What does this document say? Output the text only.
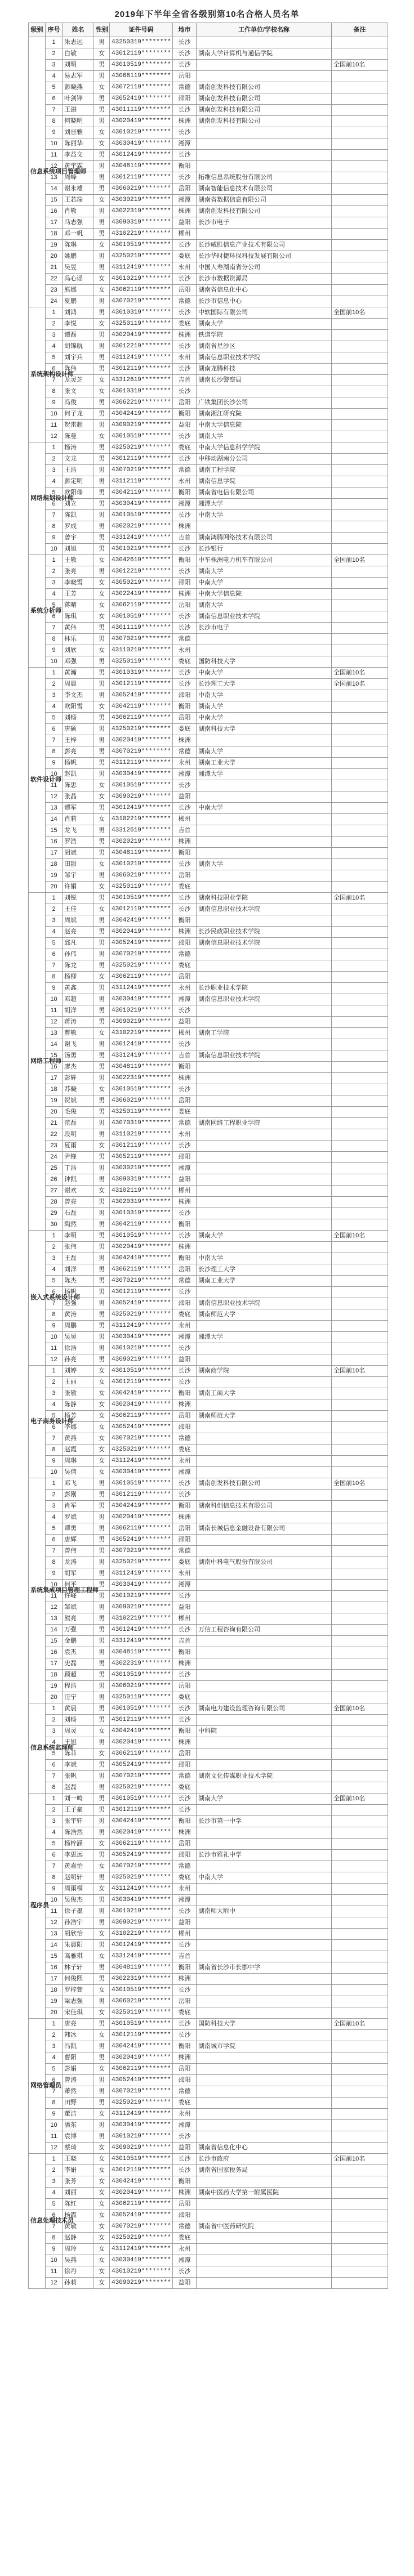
2019年下半年全省各级别第10名合格人员名单
级别	序号	姓名	性别	证件号码	地市	工作单位/学校名称	备注
信息系统项目管理师	1	朱志远	男	43250319********	长沙		
	2	白敏	女	43012119********	长沙	湖南大学计算机与通信学院	
	3	刘明	男	43010519********	长沙		全国前10名
	4	易志军	男	43068119********	岳阳		
	5	彭晓燕	女	43072119********	常德	湖南创发科技有限公司	
	6	叶剑锋	男	43052419********	邵阳	湖南创发科技有限公司	
	7	王湛	男	43011119********	长沙	湖南创发科技有限公司	
	8	何晓明	男	43020419********	株洲	湖南创发科技有限公司	
	9	刘晋雅	女	43010219********	长沙		
	10	陈丽华	女	43030419********	湘潭		
	11	李益文	男	43012419********	长沙		
	12	黄宇霖	男	43048119********	衡阳		
	13	周峰	男	43012119********	长沙	拓维信息系统股份有限公司	
	14	谢永雄	男	43060219********	岳阳	湖南智能信息技术有限公司	
	15	王芯瑞	女	43030219********	湘潭	湖南省数据信息有限公司	
	16	肖敏	男	43022319********	株洲	湖南创发科技有限公司	
	17	马志强	男	43090319********	益阳	长沙市电子	
	18	邓一帆	男	43102219********	郴州		
	19	陈琳	女	43010519********	长沙	长沙威胜信息产业技术有限公司	
	20	姚鹏	男	43250219********	娄底	长沙华时捷环保科技发展有限公司	
	21	吴昱	男	43112419********	永州	中国人寿湖南省分公司	
	22	冯心谣	女	43010219********	长沙	长沙市数据资源局	
	23	熊娜	女	43062119********	岳阳	湖南省信息化中心	
	24	夏鹏	男	43070219********	常德	长沙市信息中心	
系统架构设计师	1	刘鸿	男	43010319********	长沙	中软国际有限公司	全国前10名
	2	李悦	女	43250119********	娄底	湖南大学	
	3	谭磊	男	43020419********	株洲	铁道学院	
	4	胡锦航	男	43012219********	长沙	湖南省星沙区	
	5	刘宇兵	男	43112419********	永州	湖南信息职业技术学院	
	6	陈伟	男	43012119********	长沙	湖南龙腾科技	
	7	龙灵芝	女	43312619********	吉首	湖南长沙警察局	
	8	张文	女	43010319********	长沙		
	9	冯俊	男	43062219********	岳阳	广铁集团长沙公司	
	10	何子龙	男	43042419********	衡阳	湖南湘江研究院	
	11	贺雷超	男	43090219********	益阳	中南大学信息院	
	12	陈曼	女	43010519********	长沙	湖南大学	
网络规划设计师	1	杨涛	男	43250219********	娄底	中南大学信息科学学院	
	2	文龙	男	43012119********	长沙	中移动湖南分公司	
	3	王浩	男	43070219********	常德	湖南工程学院	
	4	彭定明	男	43112119********	永州	湖南信息学院	
	5	欧阳瑞	男	43042119********	衡阳	湖南省电信有限公司	
	6	刘立	男	43030419********	湘潭	湘潭大学	
	7	陈凯	男	43010519********	长沙	中南大学	
	8	罗成	男	43020219********	株洲		
	9	曾宇	男	43312419********	吉首	湖南鸿腾网络技术有限公司	
	10	刘旭	男	43010219********	长沙	长沙银行	
系统分析师	1	王敏	女	43042619********	衡阳	中车株洲电力机车有限公司	全国前10名
	2	张亮	男	43012219********	长沙	湖南大学	
	3	李晓雪	女	43050219********	邵阳	中南大学	
	4	王芳	女	43022419********	株洲	中南大学信息院	
	5	蒋晴	女	43062119********	岳阳	湖南大学	
	6	陈琪	女	43010519********	长沙	湖南信息职业技术学院	
	7	黄伟	男	43011119********	长沙	长沙市电子	
	8	林乐	男	43070219********	常德		
	9	刘欣	女	43110219********	永州		
	10	邓强	男	43250119********	娄底	国防科技大学	
软件设计师	1	黄瀚	男	43010319********	长沙	中南大学	全国前10名
	2	周晨	男	43012119********	长沙	长沙理工大学	全国前10名
	3	李文杰	男	43052419********	邵阳	中南大学	
	4	欧阳雪	女	43042119********	衡阳	湖南大学	
	5	刘畅	男	43062119********	岳阳	中南大学	
	6	唐硕	男	43250219********	娄底	湖南科技大学	
	7	王梓	男	43020419********	株洲		
	8	彭亮	男	43070219********	常德	湖南大学	
	9	杨帆	男	43112119********	永州	湖南工业大学	
	10	赵凯	男	43030419********	湘潭	湘潭大学	
	11	陈思	女	43010519********	长沙		
	12	张晶	女	43090219********	益阳		
	13	谭军	男	43012419********	长沙	中南大学	
	14	肖莉	女	43102219********	郴州		
	15	龙飞	男	43312619********	吉首		
	16	罗浩	男	43020219********	株洲		
	17	胡斌	男	43048119********	衡阳		
	18	田甜	女	43010219********	长沙	湖南大学	
	19	邹宇	男	43060219********	岳阳		
	20	许娟	女	43250119********	娄底		
网络工程师	1	刘锐	男	43010519********	长沙	湖南科技职业学院	全国前10名
	2	王佳	女	43012119********	长沙	湖南信息职业技术学院	
	3	周斌	男	43042419********	衡阳		
	4	赵亮	男	43020419********	株洲	长沙民政职业技术学院	
	5	邱凡	男	43052419********	邵阳	湖南信息职业技术学院	
	6	孙伟	男	43070219********	常德		
	7	陈龙	男	43250219********	娄底		
	8	杨柳	女	43062119********	岳阳		
	9	黄鑫	男	43112419********	永州	长沙职业技术学院	
	10	邓超	男	43030419********	湘潭	湖南信息职业技术学院	
	11	胡洋	男	43010219********	长沙		
	12	蒋涛	男	43090219********	益阳		
	13	曹敏	女	43102219********	郴州	湖南工学院	
	14	谢飞	男	43012419********	长沙		
	15	汤勇	男	43312419********	吉首	湖南信息职业技术学院	
	16	廖杰	男	43048119********	衡阳		
	17	彭辉	男	43022319********	株洲		
	18	苏晓	女	43010519********	长沙		
	19	贺斌	男	43060219********	岳阳		
	20	毛俊	男	43250119********	娄底		
	21	范磊	男	43070319********	常德	湖南网络工程职业学院	
	22	段明	男	43110219********	永州		
	23	夏雨	女	43012119********	长沙		
	24	尹锋	男	43052119********	邵阳		
	25	丁浩	男	43030219********	湘潭		
	26	钟凯	男	43090319********	益阳		
	27	谢欢	女	43102119********	郴州		
	28	曾亮	男	43020319********	株洲		
	29	石磊	男	43010319********	长沙		
	30	陶然	男	43042119********	衡阳		
嵌入式系统设计师	1	李明	男	43010519********	长沙	湖南大学	全国前10名
	2	张伟	男	43020419********	株洲		
	3	王磊	男	43042419********	衡阳	中南大学	
	4	刘洋	男	43062119********	岳阳	长沙理工大学	
	5	陈杰	男	43070219********	常德	湖南工业大学	
	6	杨帆	男	43012119********	长沙		
	7	赵强	男	43052419********	邵阳	湖南信息职业技术学院	
	8	黄涛	男	43250219********	娄底	湖南师范大学	
	9	周鹏	男	43112419********	永州		
	10	吴昊	男	43030419********	湘潭	湘潭大学	
	11	徐浩	男	43010219********	长沙		
	12	孙亮	男	43090219********	益阳		
电子商务设计师	1	刘婷	女	43010519********	长沙	湖南商学院	全国前10名
	2	王丽	女	43012119********	长沙		
	3	张敏	女	43042419********	衡阳	湖南工商大学	
	4	陈静	女	43020419********	株洲		
	5	杨芳	女	43062119********	岳阳	湖南师范大学	
	6	李娜	女	43052419********	邵阳		
	7	黄燕	女	43070219********	常德		
	8	赵霞	女	43250219********	娄底		
	9	周琳	女	43112419********	永州		
	10	吴倩	女	43030419********	湘潭		
系统集成项目管理工程师	1	邓飞	男	43010519********	长沙	湖南创发科技有限公司	全国前10名
	2	彭刚	男	43012119********	长沙		
	3	肖军	男	43042419********	衡阳	湖南科创信息技术有限公司	
	4	罗斌	男	43020419********	株洲		
	5	谭勇	男	43062119********	岳阳	湖南长城信息金融设备有限公司	
	6	唐辉	男	43052419********	邵阳		
	7	曾伟	男	43070219********	常德		
	8	龙涛	男	43250219********	娄底	湖南中科电气股份有限公司	
	9	胡军	男	43112419********	永州		
	10	何平	男	43030419********	湘潭		
	11	许峰	男	43010219********	长沙		
	12	邹斌	男	43090219********	益阳		
	13	熊亮	男	43102219********	郴州		
	14	万强	男	43012419********	长沙	万信工程咨询有限公司	
	15	金鹏	男	43312419********	吉首		
	16	袁杰	男	43048119********	衡阳		
	17	史磊	男	43022319********	株洲		
	18	顾超	男	43010519********	长沙		
	19	程浩	男	43060219********	岳阳		
	20	汪宁	男	43250119********	娄底		
信息系统监理师	1	黄晨	男	43010519********	长沙	湖南电力建设监理咨询有限公司	全国前10名
	2	刘畅	男	43012119********	长沙		
	3	周灵	女	43042419********	衡阳	中科院	
	4	王旭	男	43020419********	株洲		
	5	陈菲	女	43062119********	岳阳		
	6	李斌	男	43052419********	邵阳		
	7	张帆	男	43070219********	常德	湖南文化传媒职业技术学院	
	8	赵磊	男	43250219********	娄底		
程序员	1	刘一鸣	男	43010519********	长沙	湖南大学	全国前10名
	2	王子豪	男	43012119********	长沙		
	3	张宇轩	男	43042419********	衡阳	长沙市第一中学	
	4	陈浩然	男	43020419********	株洲		
	5	杨梓涵	女	43062119********	岳阳		
	6	李思远	男	43052419********	邵阳	长沙市雅礼中学	
	7	黄嘉怡	女	43070219********	常德		
	8	赵明轩	男	43250219********	娄底	中南大学	
	9	周雨桐	女	43112419********	永州		
	10	吴俊杰	男	43030419********	湘潭		
	11	徐子墨	男	43010219********	长沙	湖南师大附中	
	12	孙浩宇	男	43090219********	益阳		
	13	胡欣怡	女	43102219********	郴州		
	14	朱晨阳	男	43012419********	长沙		
	15	高雅琪	女	43312419********	吉首		
	16	林子轩	男	43048119********	衡阳	湖南省长沙市长郡中学	
	17	何俊熙	男	43022319********	株洲		
	18	罗梓萱	女	43010519********	长沙		
	19	梁志强	男	43060219********	岳阳		
	20	宋佳琪	女	43250119********	娄底		
网络管理员	1	唐亮	男	43010519********	长沙	国防科技大学	全国前10名
	2	韩冰	女	43012119********	长沙		
	3	冯凯	男	43042419********	衡阳	湖南城市学院	
	4	曹阳	男	43020419********	株洲		
	5	彭娟	女	43062119********	岳阳		
	6	曾涛	男	43052419********	邵阳		
	7	萧然	男	43070219********	常德		
	8	田野	男	43250219********	娄底		
	9	董洁	女	43112419********	永州		
	10	潘东	男	43030419********	湘潭		
	11	袁博	男	43010219********	长沙		
	12	蔡琦	女	43090219********	益阳	湖南省信息化中心	
信息处理技术员	1	王晓	女	43010519********	长沙	长沙市政府	全国前10名
	2	李娟	女	43012119********	长沙	湖南省国家税务局	
	3	张芳	女	43042419********	衡阳		
	4	刘丽	女	43020419********	株洲	湖南中医药大学第一附属医院	
	5	陈红	女	43062119********	岳阳		
	6	杨霞	女	43052419********	邵阳		
	7	黄敏	女	43070219********	常德	湖南省中医药研究院	
	8	赵静	女	43250219********	娄底		
	9	周玲	女	43112419********	永州		
	10	吴燕	女	43030419********	湘潭		
	11	徐丹	女	43010219********	长沙		
	12	孙莉	女	43090219********	益阳		
